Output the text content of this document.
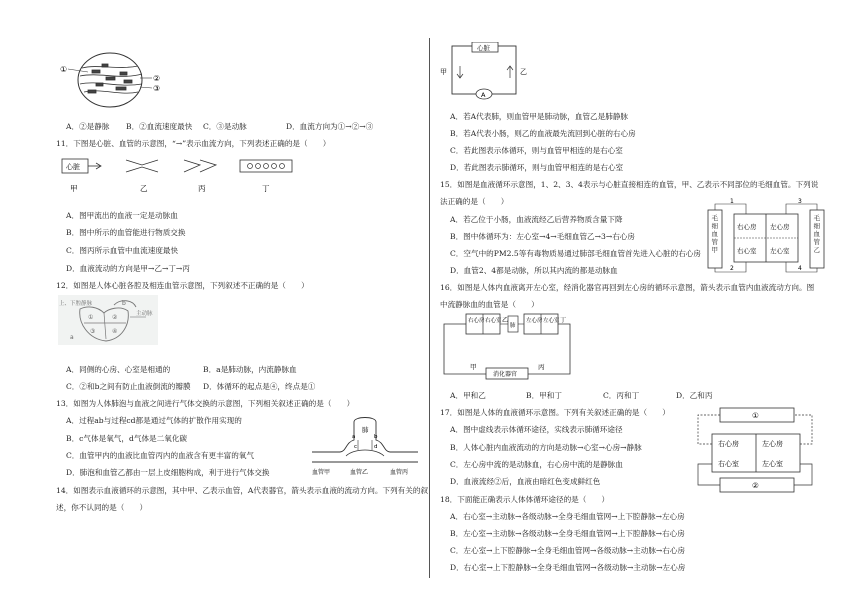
①
②
③
A．②是静脉 B．②血流速度最快 C．③是动脉	D．血流方向为①→②→③
11．下图是心脏、血管的示意图，“→”表示血流方向，下列表述正确的是（　　）
心脏
甲	乙	丙	丁
A．图甲流出的血液一定是动脉血
B．图中所示的血管能进行物质交换
C．图丙所示血管中血流速度最快
D．血液流动的方向是甲→乙→丁→丙
12．如图是人体心脏各腔及相连血管示意图，下列叙述不正确的是（　　）
上、下腔静脉
主动脉
a
b
①	②
③	④
A．同侧的心房、心室是相通的	B．a是肺动脉，内流静脉血
C．②和b之间有防止血液倒流的瓣膜 D．体循环的起点是④，终点是①
13．如图为人体肺泡与血液之间进行气体交换的示意图，下列相关叙述正确的是（　　）
A．过程ab与过程cd都是通过气体的扩散作用实现的
B．c气体是氧气，d气体是二氧化碳
C．血管甲内的血液比血管丙内的血液含有更丰富的氧气
D．肺泡和血管乙都由一层上皮细胞构成，利于进行气体交换
肺
a	b
c	d
血管甲	血管乙	血管丙
14．如图表示血液循环的示意图，其中甲、乙表示血管，A代表器官，箭头表示血液的流动方向。下列有关的叙
述，你不认同的是（　　）
心脏
A
甲	乙
A．若A代表肺，则血管甲是肺动脉，血管乙是肺静脉
B．若A代表小肠，则乙的血液最先流回到心脏的右心房
C．若此图表示体循环，则与血管甲相连的是右心室
D．若此图表示肺循环，则与血管甲相连的是右心室
15．如图是血液循环示意图，1、2、3、4表示与心脏直接相连的血管，甲、乙表示不同部位的毛细血管。下列说
法正确的是（　　）
A．若乙位于小肠，血液流经乙后营养物质含量下降
B．图中体循环为：左心室→4→毛细血管乙→3→右心房
C．空气中的PM2.5等有毒物质易通过肺部毛细血管首先进入心脏的右心房
D．血管2、4都是动脉，所以其内流的都是动脉血
毛细血管甲
毛细血管乙
右心房 左心房
右心室 左心室
1
2
3
4
16．如图是人体内血液离开左心室，经消化器官再回到左心房的循环示意图，箭头表示血管内血液流动方向。图
中流静脉血的血管是（　　）
右心房 右心室
肺
左心房 左心室
消化器官
甲
乙
丙
丁
A．甲和乙	B．甲和丁	C．丙和丁	D．乙和丙
17．如图是人体的血液循环示意图。下列有关叙述正确的是（　　）
A．图中虚线表示体循环途径，实线表示肺循环途径
B．人体心脏内血液流动的方向是动脉→心室→心房→静脉
C．左心房中流的是动脉血，右心房中流的是静脉血
D．血液流经②后，血液由暗红色变成鲜红色
①
右心房	左心房
右心室	左心室
②
18．下面能正确表示人体体循环途径的是（　　）
A．右心室→主动脉→各级动脉→全身毛细血管网→上下腔静脉→左心房
B．左心室→主动脉→各级动脉→全身毛细血管网→上下腔静脉→右心房
C．左心室→上下腔静脉→全身毛细血管网→各级动脉→主动脉→右心房
D．右心室→上下腔静脉→全身毛细血管网→各级动脉→主动脉→左心房
